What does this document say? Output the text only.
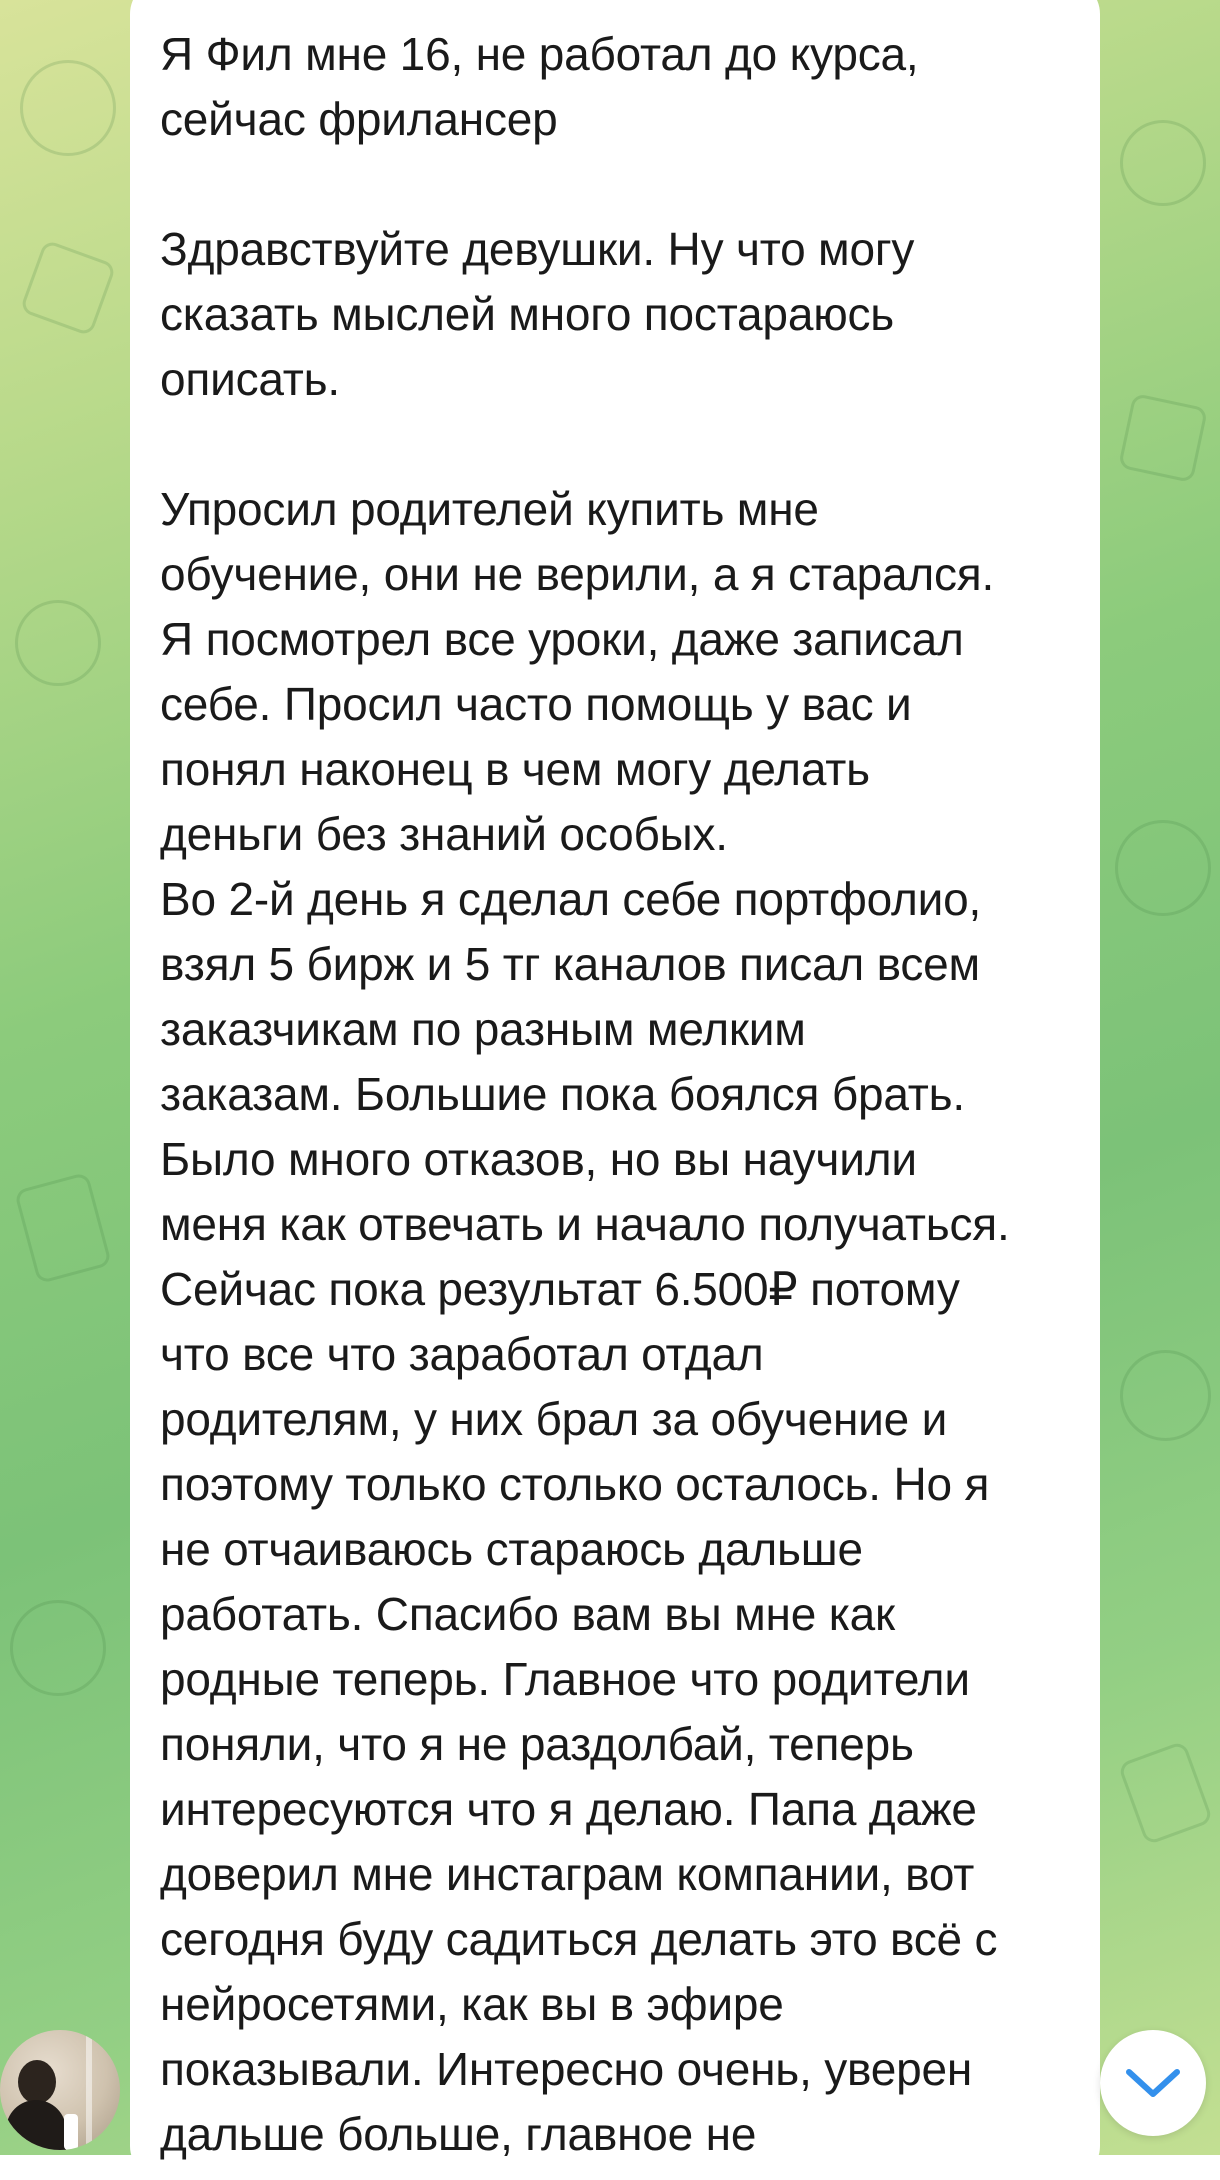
Я Фил мне 16, не работал до курса,
сейчас фрилансер

Здравствуйте девушки. Ну что могу
сказать мыслей много постараюсь
описать.

Упросил родителей купить мне
обучение, они не верили, а я старался.
Я посмотрел все уроки, даже записал
себе. Просил часто помощь у вас и
понял наконец в чем могу делать
деньги без знаний особых.
Во 2-й день я сделал себе портфолио,
взял 5 бирж и 5 тг каналов писал всем
заказчикам по разным мелким
заказам. Большие пока боялся брать.
Было много отказов, но вы научили
меня как отвечать и начало получаться.
Сейчас пока результат 6.500₽ потому
что все что заработал отдал
родителям, у них брал за обучение и
поэтому только столько осталось. Но я
не отчаиваюсь стараюсь дальше
работать. Спасибо вам вы мне как
родные теперь. Главное что родители
поняли, что я не раздолбай, теперь
интересуются что я делаю. Папа даже
доверил мне инстаграм компании, вот
сегодня буду садиться делать это всё с
нейросетями, как вы в эфире
показывали. Интересно очень, уверен
дальше больше, главное не
